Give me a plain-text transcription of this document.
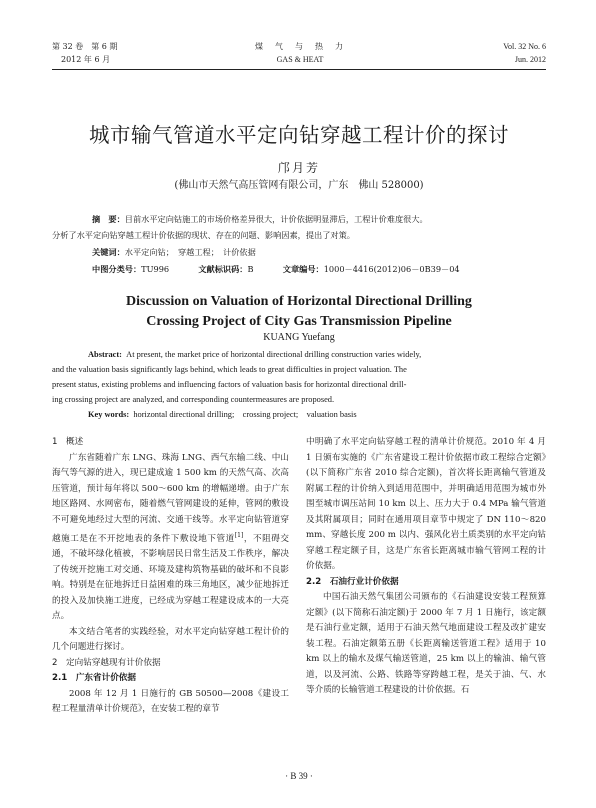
第 32 卷　第 6 期
2012 年 6 月
煤　气　与　热　力
GAS & HEAT
Vol. 32 No. 6
Jun. 2012
城市输气管道水平定向钻穿越工程计价的探讨
邝月芳
(佛山市天然气高压管网有限公司，广东　佛山 528000)
摘　要：目前水平定向钻施工的市场价格差异很大，计价依据明显滞后，工程计价难度很大。
分析了水平定向钻穿越工程计价依据的现状、存在的问题、影响因素，提出了对策。
关键词：水平定向钻；　穿越工程；　计价依据
中图分类号：TU996	文献标识码：B	文章编号：1000－4416(2012)06－0B39－04
Discussion on Valuation of Horizontal Directional Drilling
Crossing Project of City Gas Transmission Pipeline
KUANG Yuefang
Abstract: At present, the market price of horizontal directional drilling construction varies widely,
and the valuation basis significantly lags behind, which leads to great difficulties in project valuation. The
present status, existing problems and influencing factors of valuation basis for horizontal directional drill-
ing crossing project are analyzed, and corresponding countermeasures are proposed.
Key words: horizontal directional drilling;　crossing project;　valuation basis

1　概述

广东省随着广东 LNG、珠海 LNG、西气东输二线、中山海气等气源的进入，现已建成逾 1 500 km 的天然气高、次高压管道，预计每年将以 500～600 km 的增幅递增。由于广东地区路网、水网密布，随着燃气管网建设的延伸，管网的敷设不可避免地经过大型的河流、交通干线等。水平定向钻管道穿越施工是在不开挖地表的条件下敷设地下管道[1]，不阻碍交通，不破坏绿化植被，不影响居民日常生活及工作秩序，解决了传统开挖施工对交通、环境及建构筑物基础的破坏和不良影响。特别是在征地拆迁日益困难的珠三角地区，减少征地拆迁的投入及加快施工进度，已经成为穿越工程建设成本的一大亮点。

本文结合笔者的实践经验，对水平定向钻穿越工程计价的几个问题进行探讨。

2　定向钻穿越现有计价依据

2.1　广东省计价依据

2008 年 12 月 1 日施行的 GB 50500—2008《建设工程工程量清单计价规范》，在安装工程的章节

中明确了水平定向钻穿越工程的清单计价规范。2010 年 4 月 1 日颁布实施的《广东省建设工程计价依据市政工程综合定额》(以下简称广东省 2010 综合定额)，首次将长距离输气管道及附属工程的计价纳入到适用范围中，并明确适用范围为城市外围至城市调压站间 10 km 以上、压力大于 0.4 MPa 输气管道及其附属项目；同时在通用项目章节中规定了 DN 110～820 mm、穿越长度 200 m 以内、强风化岩土质类别的水平定向钻穿越工程定额子目，这是广东省长距离城市输气管网工程的计价依据。

2.2　石油行业计价依据

中国石油天然气集团公司颁布的《石油建设安装工程预算定额》(以下简称石油定额)于 2000 年 7 月 1 日施行，该定额是石油行业定额，适用于石油天然气地面建设工程及改扩建安装工程。石油定额第五册《长距离输送管道工程》适用于 10 km 以上的输水及煤气输送管道，25 km 以上的输油、输气管道，以及河流、公路、铁路等穿跨越工程，是关于油、气、水等介质的长输管道工程建设的计价依据。石

· B 39 ·
